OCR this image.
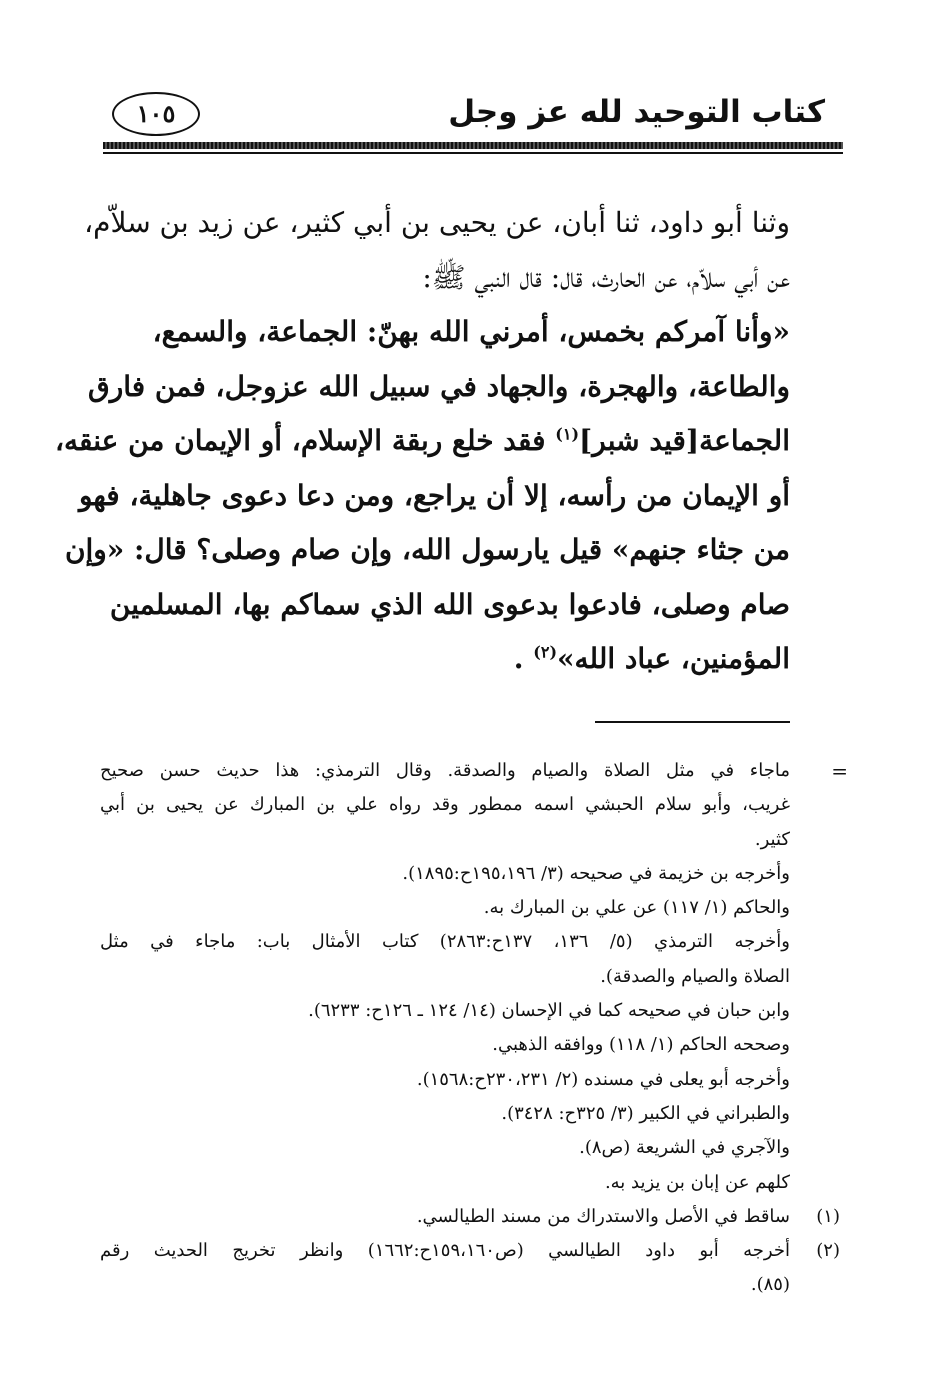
كتاب التوحيد لله عز وجل
١٠٥
وثنا أبو داود، ثنا أبان، عن يحيى بن أبي كثير، عن زيد بن سلاّم،
عن أبي سلاّم، عن الحارث، قال: قال النبي ﷺ:
«وأنا آمركم بخمس، أمرني الله بهنّ: الجماعة، والسمع،
والطاعة، والهجرة، والجهاد في سبيل الله عزوجل، فمن فارق
الجماعة[قيد شبر]$^{(١)}$ فقد خلع ربقة الإسلام، أو الإيمان من عنقه،
أو الإيمان من رأسه، إلا أن يراجع، ومن دعا دعوى جاهلية، فهو
من جثاء جنهم» قيل يارسول الله، وإن صام وصلى؟ قال: «وإن
صام وصلى، فادعوا بدعوى الله الذي سماكم بها، المسلمين
المؤمنين، عباد الله»$^{(٢)}$ .
=
ماجاء في مثل الصلاة والصيام والصدقة. وقال الترمذي: هذا حديث حسن صحيح
غريب، وأبو سلام الحبشي اسمه ممطور وقد رواه علي بن المبارك عن يحيى بن أبي
كثير.
وأخرجه بن خزيمة في صحيحه (٣/ ١٩٥،١٩٦ح:١٨٩٥).
والحاكم (١/ ١١٧) عن علي بن المبارك به.
وأخرجه الترمذي (٥/ ١٣٦، ١٣٧ح:٢٨٦٣) كتاب الأمثال باب: ماجاء في مثل
الصلاة والصيام والصدقة).
وابن حبان في صحيحه كما في الإحسان (١٤/ ١٢٤ ـ ١٢٦ح: ٦٢٣٣).
وصححه الحاكم (١/ ١١٨) ووافقه الذهبي.
وأخرجه أبو يعلى في مسنده (٢/ ٢٣٠،٢٣١ح:١٥٦٨).
والطبراني في الكبير (٣/ ٣٢٥ح: ٣٤٢٨).
والآجري في الشريعة (ص٨).
كلهم عن إبان بن يزيد به.
(١)
ساقط في الأصل والاستدراك من مسند الطيالسي.
(٢)
أخرجه أبو داود الطيالسي (ص١٥٩،١٦٠ح:١٦٦٢) وانظر تخريج الحديث رقم
(٨٥).
